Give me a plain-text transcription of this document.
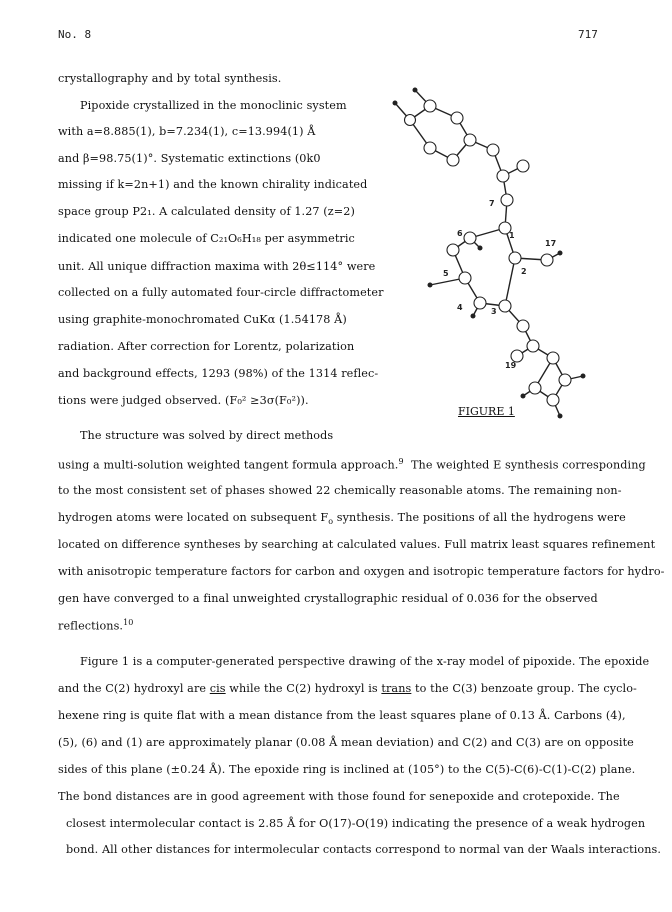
No. 8	717
crystallography and by total synthesis.
Pipoxide crystallized in the monoclinic system
with a=8.885(1), b=7.234(1), c=13.994(1) Å
and β=98.75(1)°. Systematic extinctions (0k0
missing if k=2n+1) and the known chirality indicated
space group P2₁. A calculated density of 1.27 (z=2)
indicated one molecule of C₂₁O₆H₁₈ per asymmetric
unit. All unique diffraction maxima with 2θ≤114° were
collected on a fully automated four-circle diffractometer
using graphite-monochromated CuKα (1.54178 Å)
radiation. After correction for Lorentz, polarization
and background effects, 1293 (98%) of the 1314 reflec-
tions were judged observed. (F₀² ≥3σ(F₀²)).
The structure was solved by direct methods
using a multi-solution weighted tangent formula approach.$^9$ The weighted E synthesis corresponding
to the most consistent set of phases showed 22 chemically reasonable atoms. The remaining non-
hydrogen atoms were located on subsequent $F_o$ synthesis. The positions of all the hydrogens were
located on difference syntheses by searching at calculated values. Full matrix least squares refinement
with anisotropic temperature factors for carbon and oxygen and isotropic temperature factors for hydro-
gen have converged to a final unweighted crystallographic residual of 0.036 for the observed
reflections.$^{10}$
Figure 1 is a computer-generated perspective drawing of the x-ray model of pipoxide. The epoxide
and the C(2) hydroxyl are cis while the C(2) hydroxyl is trans to the C(3) benzoate group. The cyclo-
hexene ring is quite flat with a mean distance from the least squares plane of 0.13 Å. Carbons (4),
(5), (6) and (1) are approximately planar (0.08 Å mean deviation) and C(2) and C(3) are on opposite
sides of this plane (±0.24 Å). The epoxide ring is inclined at (105°) to the C(5)-C(6)-C(1)-C(2) plane.
The bond distances are in good agreement with those found for senepoxide and crotepoxide. The
closest intermolecular contact is 2.85 Å for O(17)-O(19) indicating the presence of a weak hydrogen
bond. All other distances for intermolecular contacts correspond to normal van der Waals interactions.
7
6	1
17
5	2
4	3
19
FIGURE 1
